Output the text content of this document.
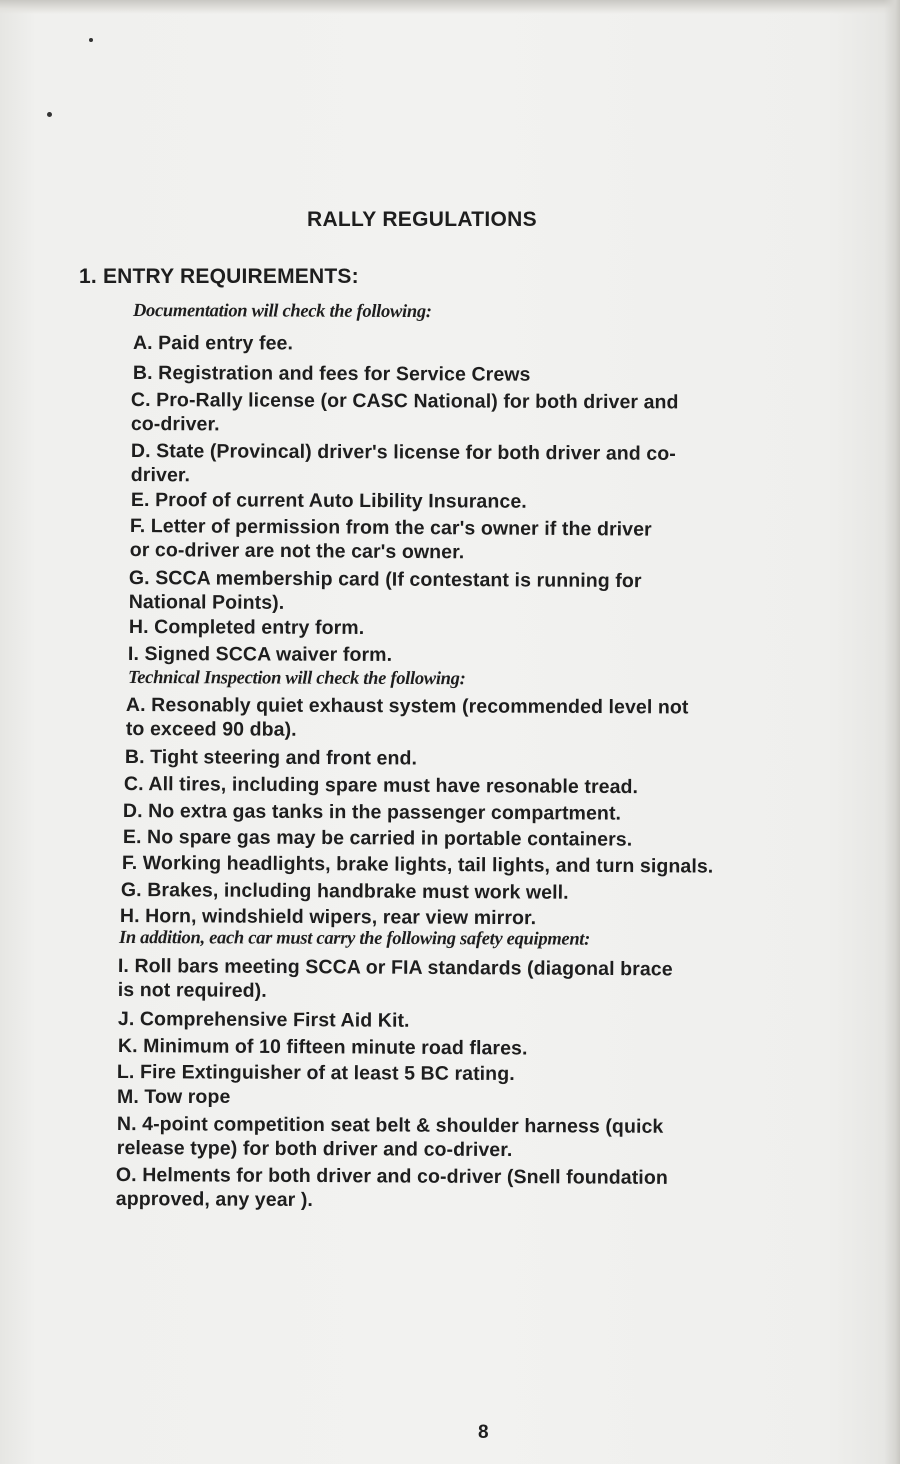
RALLY REGULATIONS
1. ENTRY REQUIREMENTS:
Documentation will check the following:
A. Paid entry fee.
B. Registration and fees for Service Crews
C. Pro-Rally license (or CASC National) for both driver and
co-driver.
D. State (Provincal) driver's license for both driver and co-
driver.
E. Proof of current Auto Libility Insurance.
F. Letter of permission from the car's owner if the driver
or co-driver are not the car's owner.
G. SCCA membership card (If contestant is running for
National Points).
H. Completed entry form.
I. Signed SCCA waiver form.
Technical Inspection will check the following:
A. Resonably quiet exhaust system (recommended level not
to exceed 90 dba).
B. Tight steering and front end.
C. All tires, including spare must have resonable tread.
D. No extra gas tanks in the passenger compartment.
E. No spare gas may be carried in portable containers.
F. Working headlights, brake lights, tail lights, and turn signals.
G. Brakes, including handbrake must work well.
H. Horn, windshield wipers, rear view mirror.
In addition, each car must carry the following safety equipment:
I. Roll bars meeting SCCA or FIA standards (diagonal brace
is not required).
J. Comprehensive First Aid Kit.
K. Minimum of 10 fifteen minute road flares.
L. Fire Extinguisher of at least 5 BC rating.
M. Tow rope
N. 4-point competition seat belt & shoulder harness (quick
release type) for both driver and co-driver.
O. Helments for both driver and co-driver (Snell foundation
approved, any year ).
8
